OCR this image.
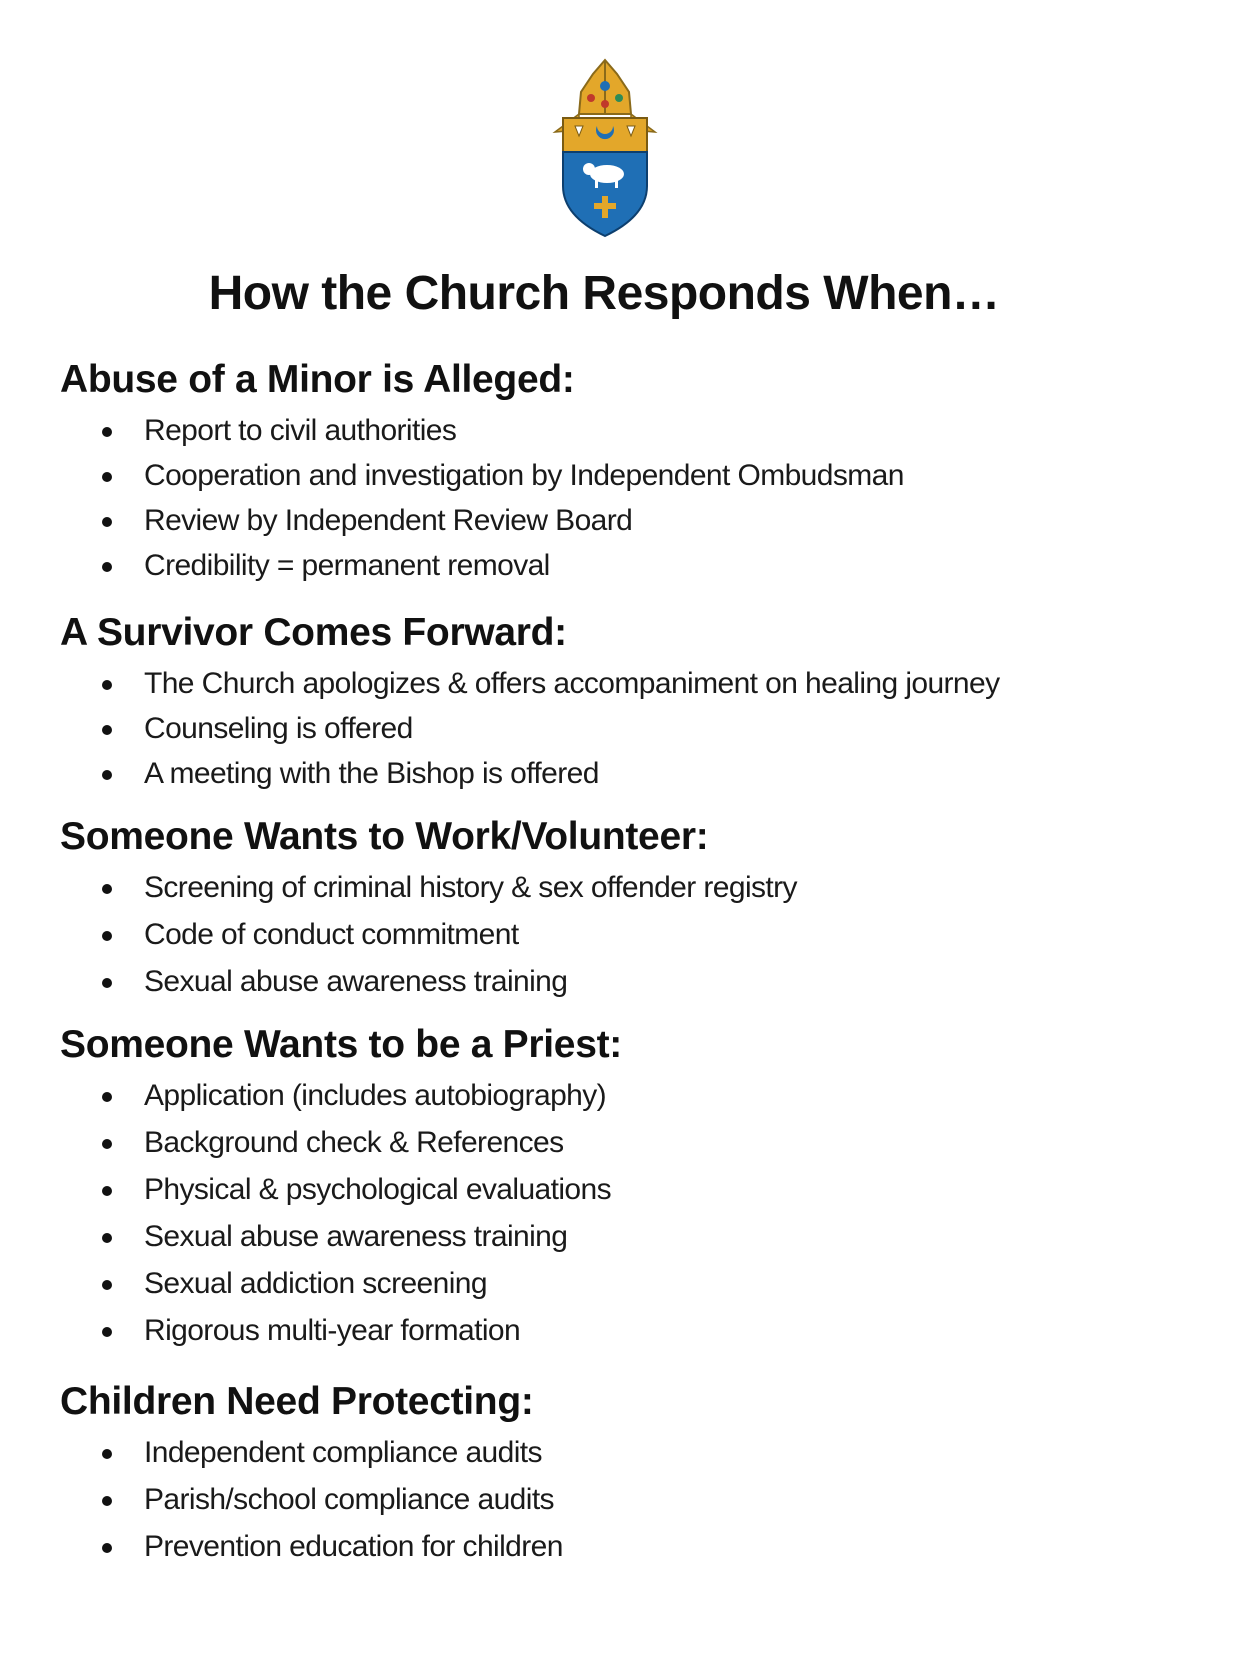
How the Church Responds When…
Abuse of a Minor is Alleged:
Report to civil authorities
Cooperation and investigation by Independent Ombudsman
Review by Independent Review Board
Credibility = permanent removal
A Survivor Comes Forward:
The Church apologizes & offers accompaniment on healing journey
Counseling is offered
A meeting with the Bishop is offered
Someone Wants to Work/Volunteer:
Screening of criminal history & sex offender registry
Code of conduct commitment
Sexual abuse awareness training
Someone Wants to be a Priest:
Application (includes autobiography)
Background check & References
Physical & psychological evaluations
Sexual abuse awareness training
Sexual addiction screening
Rigorous multi-year formation
Children Need Protecting:
Independent compliance audits
Parish/school compliance audits
Prevention education for children
